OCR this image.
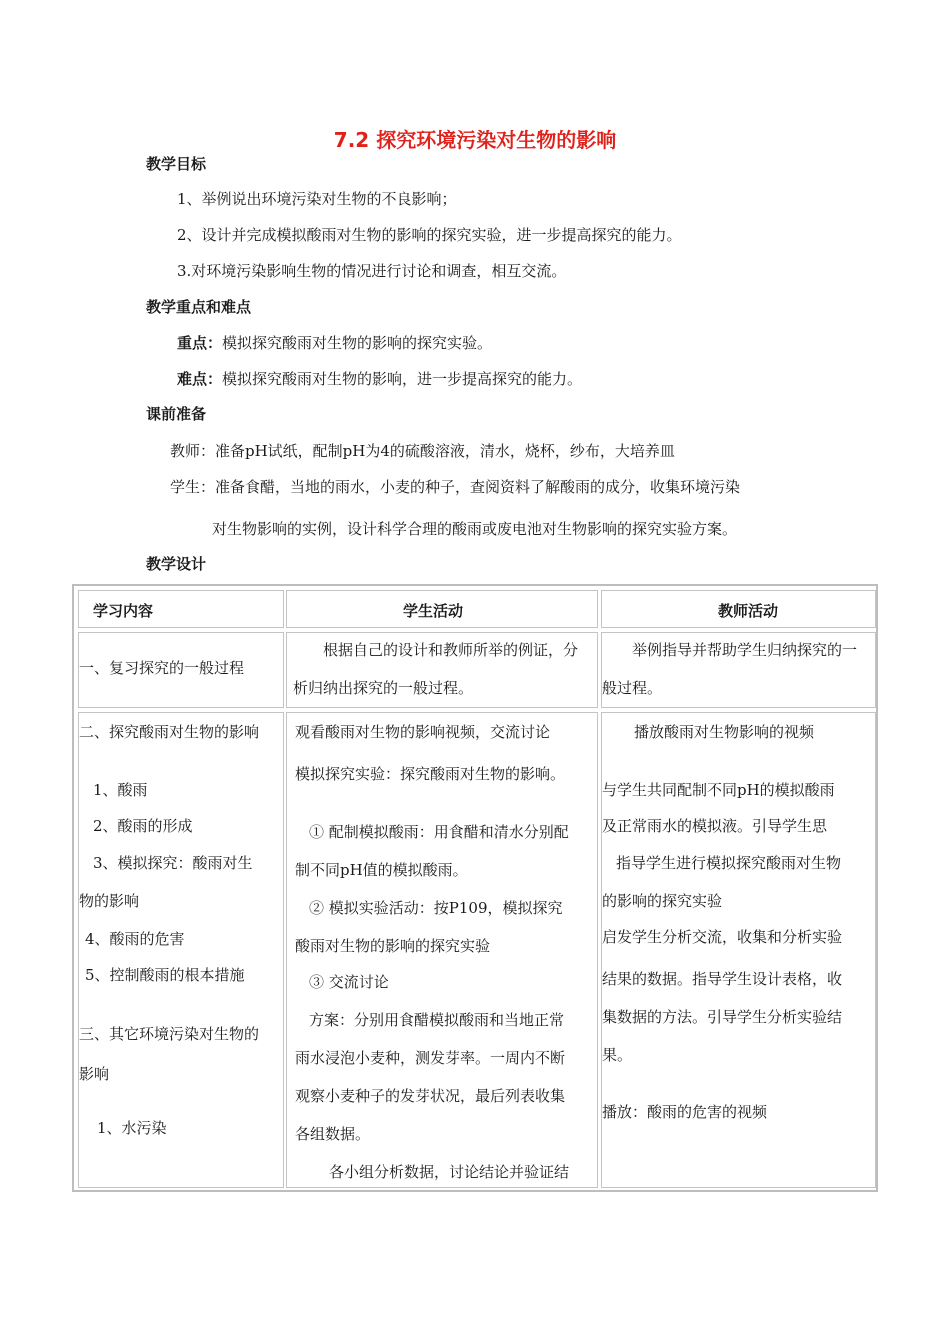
7.2 探究环境污染对生物的影响
教学目标
1、举例说出环境污染对生物的不良影响；
2、设计并完成模拟酸雨对生物的影响的探究实验，进一步提高探究的能力。
3.对环境污染影响生物的情况进行讨论和调查，相互交流。
教学重点和难点
重点：模拟探究酸雨对生物的影响的探究实验。
难点：模拟探究酸雨对生物的影响，进一步提高探究的能力。
课前准备
教师：准备pH试纸，配制pH为4的硫酸溶液，清水，烧杯，纱布，大培养皿
学生：准备食醋，当地的雨水，小麦的种子，查阅资料了解酸雨的成分，收集环境污染
对生物影响的实例，设计科学合理的酸雨或废电池对生物影响的探究实验方案。
教学设计
学习内容	学生活动	教师活动
一、复习探究的一般过程
根据自己的设计和教师所举的例证，分
析归纳出探究的一般过程。
举例指导并帮助学生归纳探究的一
般过程。
二、探究酸雨对生物的影响
1、酸雨
2、酸雨的形成
3、模拟探究：酸雨对生
物的影响
4、酸雨的危害
5、控制酸雨的根本措施
三、其它环境污染对生物的
影响
1、水污染
观看酸雨对生物的影响视频，交流讨论
模拟探究实验：探究酸雨对生物的影响。
① 配制模拟酸雨：用食醋和清水分别配
制不同pH值的模拟酸雨。
② 模拟实验活动：按P109，模拟探究
酸雨对生物的影响的探究实验
③ 交流讨论
方案：分别用食醋模拟酸雨和当地正常
雨水浸泡小麦种，测发芽率。一周内不断
观察小麦种子的发芽状况，最后列表收集
各组数据。
各小组分析数据，讨论结论并验证结
播放酸雨对生物影响的视频
与学生共同配制不同pH的模拟酸雨
及正常雨水的模拟液。引导学生思
指导学生进行模拟探究酸雨对生物
的影响的探究实验
启发学生分析交流，收集和分析实验
结果的数据。指导学生设计表格，收
集数据的方法。引导学生分析实验结
果。
播放：酸雨的危害的视频
